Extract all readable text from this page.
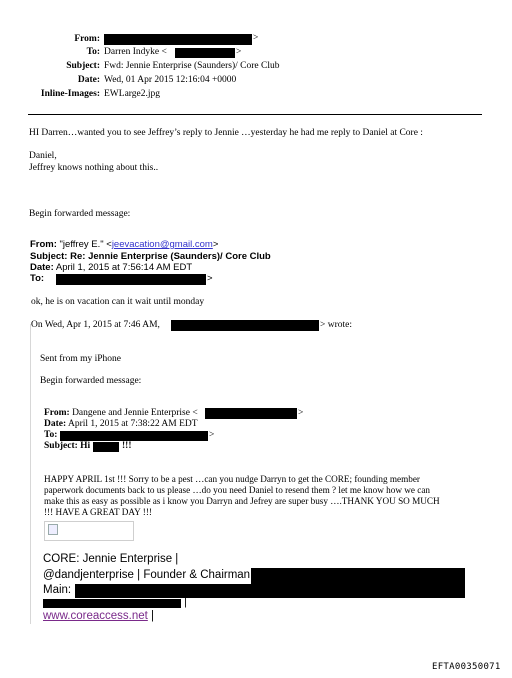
From:	>
To: Darren Indyke <	>
Subject: Fwd: Jennie Enterprise (Saunders)/ Core Club
Date: Wed, 01 Apr 2015 12:16:04 +0000
Inline-Images: EWLarge2.jpg
HI Darren…wanted you to see Jeffrey’s reply to Jennie …yesterday he had me reply to Daniel at Core :
Daniel,
Jeffrey knows nothing about this..
Begin forwarded message:
From: "jeffrey E." <jeevacation@gmail.com>
Subject: Re: Jennie Enterprise (Saunders)/ Core Club
Date: April 1, 2015 at 7:56:14 AM EDT
To:	>
ok, he is on vacation can it wait until monday
On Wed, Apr 1, 2015 at 7:46 AM,	> wrote:
Sent from my iPhone
Begin forwarded message:
From: Dangene and Jennie Enterprise <	>
Date: April 1, 2015 at 7:38:22 AM EDT
To:	>
Subject: Hi	!!!
HAPPY APRIL 1st !!! Sorry to be a pest …can you nudge Darryn to get the CORE; founding member
paperwork documents back to us please …do you need Daniel to resend them ? let me know how we can
make this as easy as possible as i know you Darryn and Jefrey are super busy ….THANK YOU SO MUCH
!!! HAVE A GREAT DAY !!!
CORE: Jennie Enterprise |
@dandjenterprise | Founder & Chairman
Main:
|
www.coreaccess.net |
EFTA00350071
